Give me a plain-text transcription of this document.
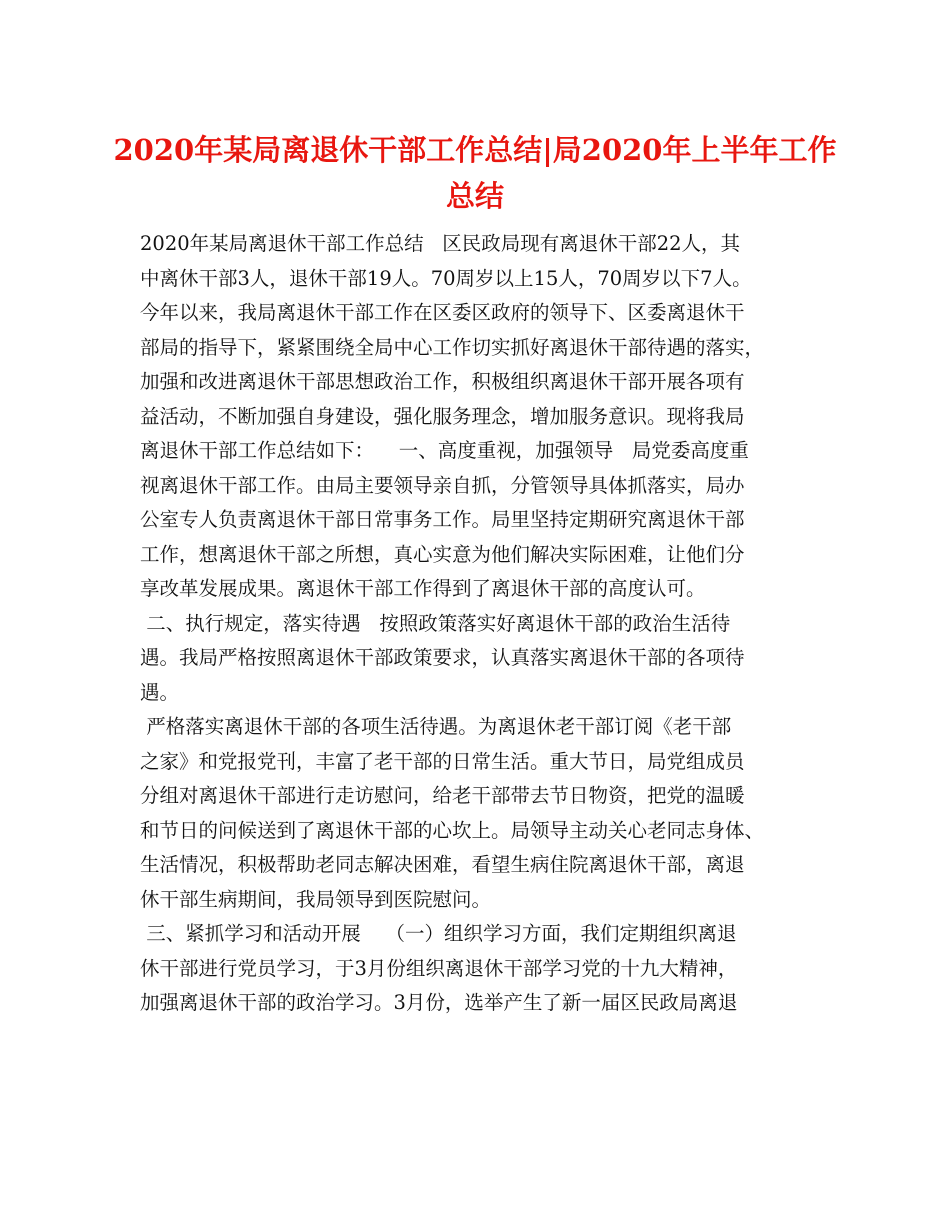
2020年某局离退休干部工作总结|局2020年上半年工作
总结
2020年某局离退休干部工作总结   区民政局现有离退休干部22人，其
中离休干部3人，退休干部19人。70周岁以上15人，70周岁以下7人。
今年以来，我局离退休干部工作在区委区政府的领导下、区委离退休干
部局的指导下，紧紧围绕全局中心工作切实抓好离退休干部待遇的落实，
加强和改进离退休干部思想政治工作，积极组织离退休干部开展各项有
益活动，不断加强自身建设，强化服务理念，增加服务意识。现将我局
离退休干部工作总结如下：    一、高度重视，加强领导   局党委高度重
视离退休干部工作。由局主要领导亲自抓，分管领导具体抓落实，局办
公室专人负责离退休干部日常事务工作。局里坚持定期研究离退休干部
工作，想离退休干部之所想，真心实意为他们解决实际困难，让他们分
享改革发展成果。离退休干部工作得到了离退休干部的高度认可。
二、执行规定，落实待遇   按照政策落实好离退休干部的政治生活待
遇。我局严格按照离退休干部政策要求，认真落实离退休干部的各项待
遇。
严格落实离退休干部的各项生活待遇。为离退休老干部订阅《老干部
之家》和党报党刊，丰富了老干部的日常生活。重大节日，局党组成员
分组对离退休干部进行走访慰问，给老干部带去节日物资，把党的温暖
和节日的问候送到了离退休干部的心坎上。局领导主动关心老同志身体、
生活情况，积极帮助老同志解决困难，看望生病住院离退休干部，离退
休干部生病期间，我局领导到医院慰问。
三、紧抓学习和活动开展    （一）组织学习方面，我们定期组织离退
休干部进行党员学习，于3月份组织离退休干部学习党的十九大精神，
加强离退休干部的政治学习。3月份，选举产生了新一届区民政局离退
